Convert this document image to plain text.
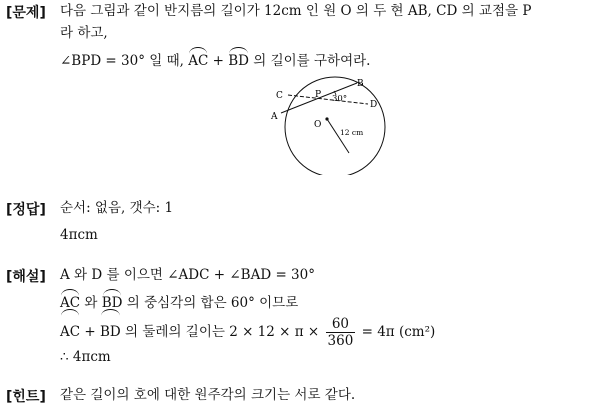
[문제] 다음 그림과 같이 반지름의 길이가 12cm 인 원 O 의 두 현 AB, CD 의 교점을 P
라 하고,
∠BPD = 30° 일 때, AC + BD 의 길이를 구하여라.
C	P
B
D
A
O
30°
12 cm
[정답] 순서: 없음, 갯수: 1
4πcm
[해설] A 와 D 를 이으면 ∠ADC + ∠BAD = 30°
AC 와 BD 의 중심각의 합은 60° 이므로
AC + BD 의 둘레의 길이는 $2 \times 12 \times \pi \times \frac{60}{360} = 4\pi$ (cm²)
∴ 4πcm
[힌트] 같은 길이의 호에 대한 원주각의 크기는 서로 같다.
